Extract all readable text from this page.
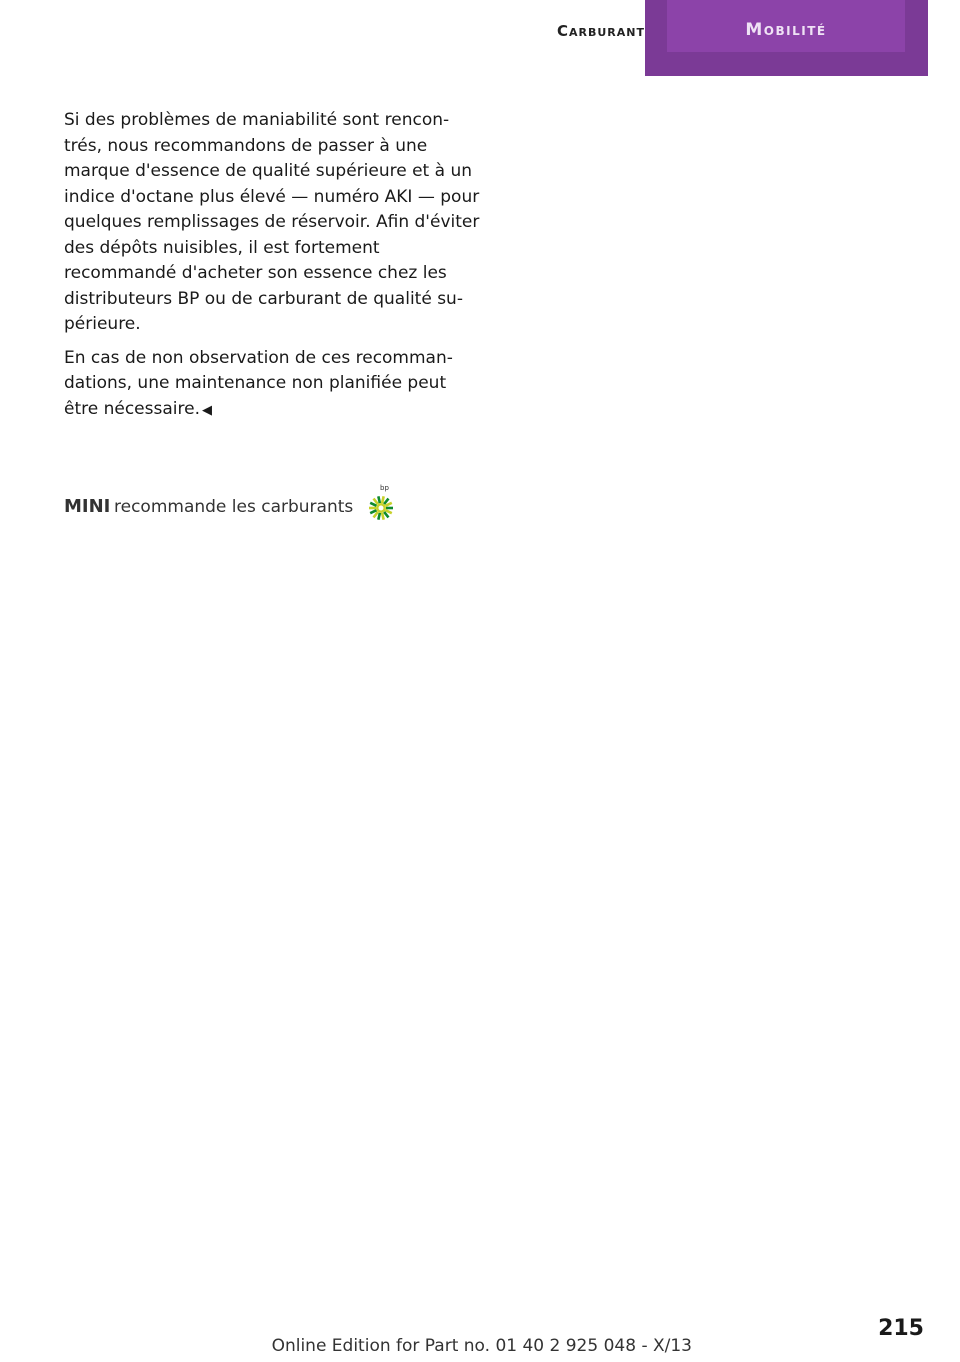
Carburant	Mobilité

Si des problèmes de maniabilité sont rencon-trés, nous recommandons de passer à une marque d'essence de qualité supérieure et à un indice d'octane plus élevé — numéro AKI — pour quelques remplissages de réservoir. Afin d'éviter des dépôts nuisibles, il est fortement recommandé d'acheter son essence chez les distributeurs BP ou de carburant de qualité su-périeure.

En cas de non observation de ces recomman-dations, une maintenance non planifiée peut être nécessaire. ◀

MINI recommande les carburants
bp
215
Online Edition for Part no. 01 40 2 925 048 - X/13
